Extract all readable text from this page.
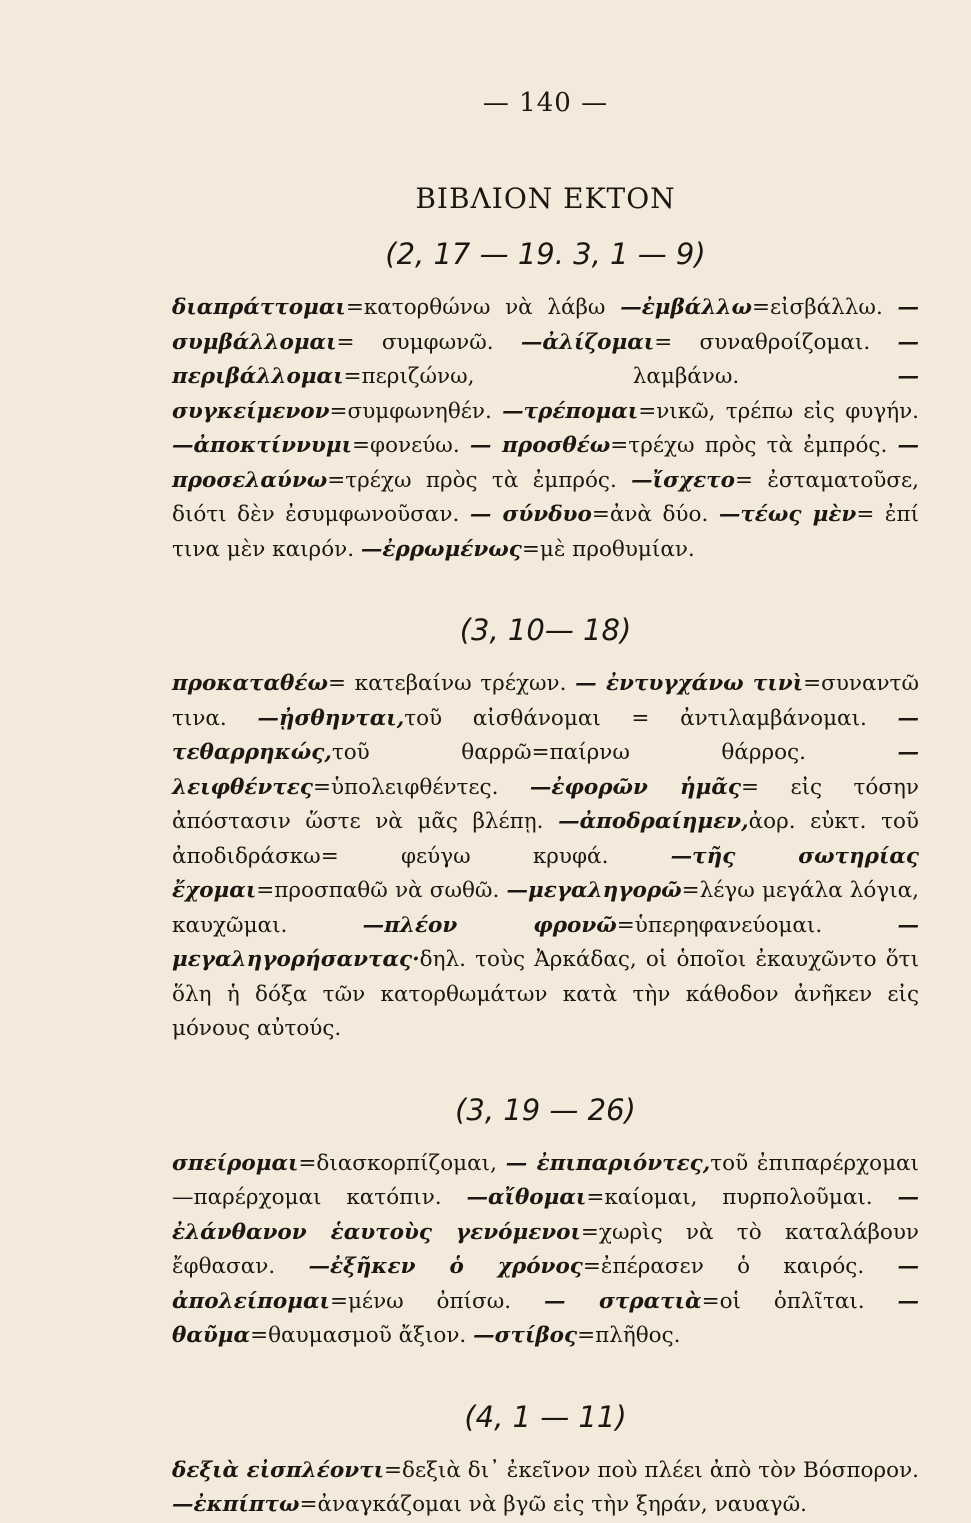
— 140 —
ΒΙΒΛΙΟΝ ΕΚΤΟΝ
(2, 17 — 19. 3, 1 — 9)

διαπράττομαι=κατορθώνω νὰ λάβω —ἐμβάλλω=εἰσβάλλω. —συμβάλλομαι= συμφωνῶ. —ἀλίζομαι= συναθροίζομαι. — περιβάλλομαι=περιζώνω, λαμβάνω.	—συγκείμενον=συμφωνηθέν. —τρέπομαι=νικῶ, τρέπω εἰς φυγήν. —ἀποκτίννυμι=φονεύω. — προσθέω=τρέχω πρὸς τὰ ἐμπρός. — προσελαύνω=τρέχω πρὸς τὰ ἐμπρός. —ἴσχετο= ἐσταματοῦσε, διότι δὲν ἐσυμφωνοῦσαν. — σύνδυο=ἀνὰ δύο. —τέως μὲν= ἐπί τινα μὲν καιρόν. —ἐρρωμένως=μὲ προθυμίαν.

(3, 10— 18)

προκαταθέω= κατεβαίνω τρέχων. — ἐντυγχάνω τινὶ=συναντῶ τινα. —ᾐσθηνται,τοῦ αἰσθάνομαι = ἀντιλαμβάνομαι. —τεθαρρηκώς,τοῦ θαρρῶ=παίρνω θάρρος.	—λειφθέντες=ὑπολειφθέντες. —ἐφορῶν ἡμᾶς= εἰς τόσην ἀπόστασιν ὥστε νὰ μᾶς βλέπῃ. —ἀποδραίημεν,ἀορ. εὐκτ. τοῦ ἀποδιδράσκω= φεύγω κρυφά.	—τῆς σωτηρίας ἔχομαι=προσπαθῶ νὰ σωθῶ. —μεγαληγορῶ=λέγω μεγάλα λόγια, καυχῶμαι.	—πλέον φρονῶ=ὑπερηφανεύομαι.	— μεγαληγορήσαντας·δηλ. τοὺς Ἀρκάδας, οἱ ὁποῖοι ἐκαυχῶντο ὅτι ὅλη ἡ δόξα τῶν κατορθωμάτων κατὰ τὴν κάθοδον ἀνῆκεν εἰς μόνους αὐτούς.

(3, 19 — 26)

σπείρομαι=διασκορπίζομαι, — ἐπιπαριόντες,τοῦ ἐπιπαρέρχομαι—παρέρχομαι κατόπιν. —αἴθομαι=καίομαι, πυρπολοῦμαι. —ἐλάνθανον ἑαυτοὺς γενόμενοι=χωρὶς νὰ τὸ καταλάβουν ἔφθασαν. —ἐξῆκεν ὁ χρόνος=ἐπέρασεν ὁ καιρός. —ἀπολείπομαι=μένω ὀπίσω. — στρατιὰ=οἱ ὁπλῖται. —θαῦμα=θαυμασμοῦ ἄξιον. —στίβος=πλῆθος.

(4, 1 — 11)

δεξιὰ εἰσπλέοντι=δεξιὰ δι᾽ ἐκεῖνον ποὺ πλέει ἀπὸ τὸν Βόσπορον. —ἐκπίπτω=ἀναγκάζομαι νὰ βγῶ εἰς τὴν ξηράν, ναυαγῶ.
